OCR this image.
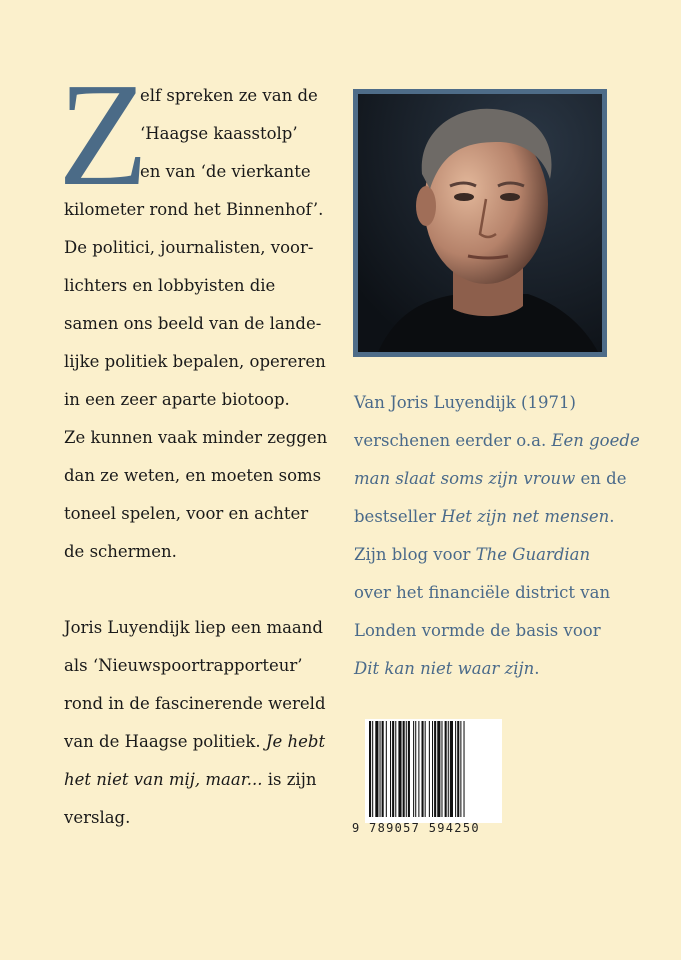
Z
elf spreken ze van de
‘Haagse kaasstolp’
en van ‘de vierkante
kilometer rond het Binnenhof’.
De politici, journalisten, voor-
lichters en lobbyisten die
samen ons beeld van de lande-
lijke politiek bepalen, opereren
in een zeer aparte biotoop.
Ze kunnen vaak minder zeggen
dan ze weten, en moeten soms
toneel spelen, voor en achter
de schermen.
Joris Luyendijk liep een maand
als ‘Nieuwspoortrapporteur’
rond in de fascinerende wereld
van de Haagse politiek. Je hebt
het niet van mij, maar... is zijn
verslag.
Van Joris Luyendijk (1971)
verschenen eerder o.a. Een goede
man slaat soms zijn vrouw en de
bestseller Het zijn net mensen.
Zijn blog voor The Guardian
over het financiële district van
Londen vormde de basis voor
Dit kan niet waar zijn.
9 789057 594250
